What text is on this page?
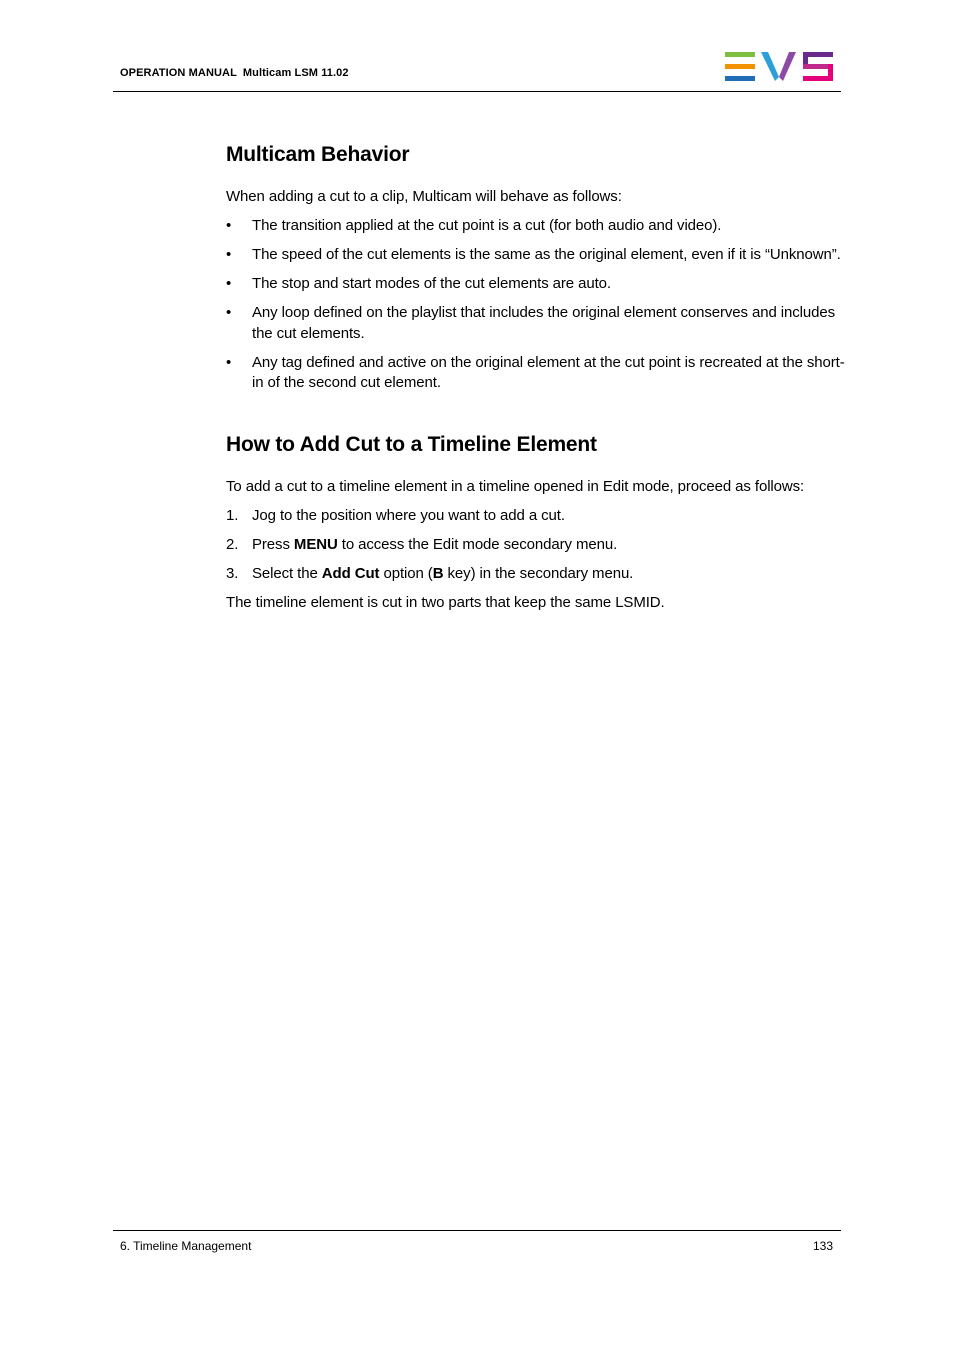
OPERATION MANUAL Multicam LSM 11.02
Multicam Behavior

When adding a cut to a clip, Multicam will behave as follows:

• The transition applied at the cut point is a cut (for both audio and video).
• The speed of the cut elements is the same as the original element, even if it is “Unknown”.
• The stop and start modes of the cut elements are auto.
• Any loop defined on the playlist that includes the original element conserves and includes the cut elements.
• Any tag defined and active on the original element at the cut point is recreated at the short-in of the second cut element.
How to Add Cut to a Timeline Element

To add a cut to a timeline element in a timeline opened in Edit mode, proceed as follows:

1. Jog to the position where you want to add a cut.
2. Press MENU to access the Edit mode secondary menu.
3. Select the Add Cut option (B key) in the secondary menu.

The timeline element is cut in two parts that keep the same LSMID.

6. Timeline Management	133
